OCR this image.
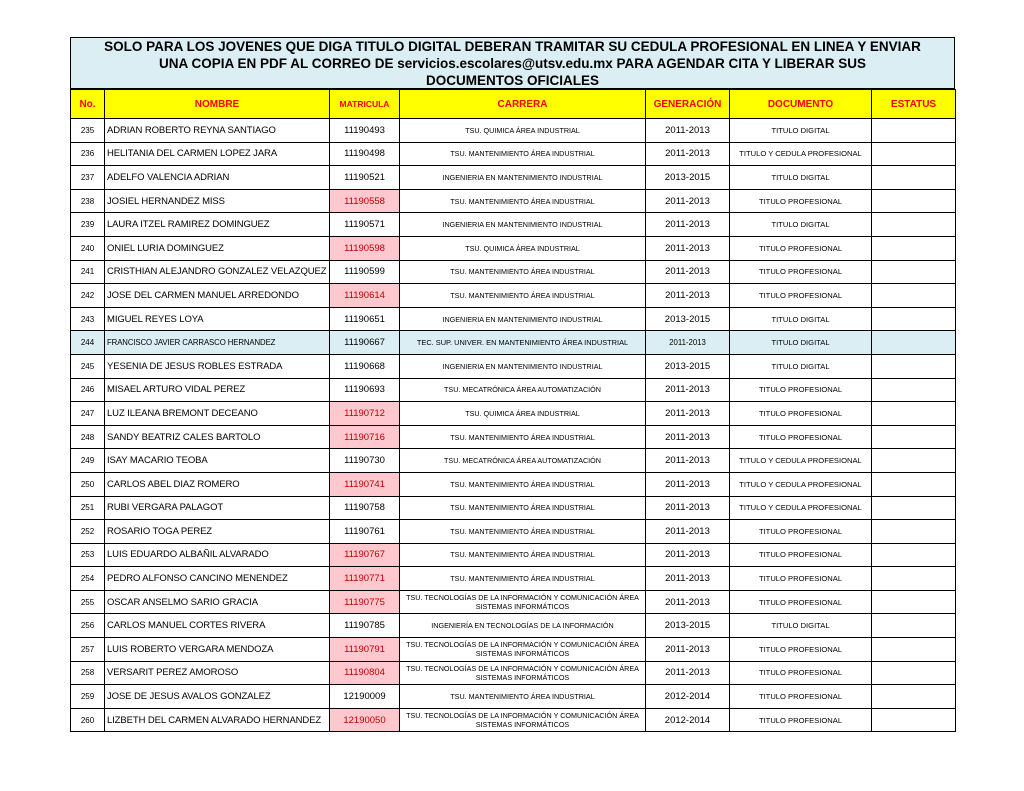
SOLO PARA LOS JOVENES QUE DIGA TITULO DIGITAL DEBERAN TRAMITAR SU CEDULA PROFESIONAL EN LINEA Y ENVIAR
UNA COPIA EN PDF AL CORREO DE servicios.escolares@utsv.edu.mx PARA AGENDAR CITA Y LIBERAR SUS
DOCUMENTOS OFICIALES
No.	NOMBRE	MATRICULA	CARRERA	GENERACIÓN	DOCUMENTO	ESTATUS
235	ADRIAN ROBERTO REYNA SANTIAGO	11190493	TSU. QUIMICA ÁREA INDUSTRIAL	2011-2013	TITULO DIGITAL	
236	HELITANIA DEL CARMEN LOPEZ JARA	11190498	TSU. MANTENIMIENTO ÁREA INDUSTRIAL	2011-2013	TITULO Y CEDULA PROFESIONAL	
237	ADELFO VALENCIA ADRIAN	11190521	INGENIERIA EN MANTENIMIENTO INDUSTRIAL	2013-2015	TITULO DIGITAL	
238	JOSIEL HERNANDEZ MISS	11190558	TSU. MANTENIMIENTO ÁREA INDUSTRIAL	2011-2013	TITULO PROFESIONAL	
239	LAURA ITZEL RAMIREZ DOMINGUEZ	11190571	INGENIERIA EN MANTENIMIENTO INDUSTRIAL	2011-2013	TITULO DIGITAL	
240	ONIEL LURIA DOMINGUEZ	11190598	TSU. QUIMICA ÁREA INDUSTRIAL	2011-2013	TITULO PROFESIONAL	
241	CRISTHIAN ALEJANDRO GONZALEZ VELAZQUEZ	11190599	TSU. MANTENIMIENTO ÁREA INDUSTRIAL	2011-2013	TITULO PROFESIONAL	
242	JOSE DEL CARMEN MANUEL ARREDONDO	11190614	TSU. MANTENIMIENTO ÁREA INDUSTRIAL	2011-2013	TITULO PROFESIONAL	
243	MIGUEL REYES LOYA	11190651	INGENIERIA EN MANTENIMIENTO INDUSTRIAL	2013-2015	TITULO DIGITAL	
244	FRANCISCO JAVIER CARRASCO HERNANDEZ	11190667	TEC. SUP. UNIVER. EN MANTENIMIENTO ÁREA INDUSTRIAL	2011-2013	TITULO DIGITAL	
245	YESENIA DE JESUS ROBLES ESTRADA	11190668	INGENIERIA EN MANTENIMIENTO INDUSTRIAL	2013-2015	TITULO DIGITAL	
246	MISAEL ARTURO VIDAL PEREZ	11190693	TSU. MECATRÓNICA ÁREA AUTOMATIZACIÓN	2011-2013	TITULO PROFESIONAL	
247	LUZ ILEANA BREMONT DECEANO	11190712	TSU. QUIMICA ÁREA INDUSTRIAL	2011-2013	TITULO PROFESIONAL	
248	SANDY BEATRIZ CALES BARTOLO	11190716	TSU. MANTENIMIENTO ÁREA INDUSTRIAL	2011-2013	TITULO PROFESIONAL	
249	ISAY MACARIO TEOBA	11190730	TSU. MECATRÓNICA ÁREA AUTOMATIZACIÓN	2011-2013	TITULO Y CEDULA PROFESIONAL	
250	CARLOS ABEL DIAZ ROMERO	11190741	TSU. MANTENIMIENTO ÁREA INDUSTRIAL	2011-2013	TITULO Y CEDULA PROFESIONAL	
251	RUBI VERGARA PALAGOT	11190758	TSU. MANTENIMIENTO ÁREA INDUSTRIAL	2011-2013	TITULO Y CEDULA PROFESIONAL	
252	ROSARIO TOGA PEREZ	11190761	TSU. MANTENIMIENTO ÁREA INDUSTRIAL	2011-2013	TITULO PROFESIONAL	
253	LUIS EDUARDO ALBAÑIL ALVARADO	11190767	TSU. MANTENIMIENTO ÁREA INDUSTRIAL	2011-2013	TITULO PROFESIONAL	
254	PEDRO ALFONSO CANCINO MENENDEZ	11190771	TSU. MANTENIMIENTO ÁREA INDUSTRIAL	2011-2013	TITULO PROFESIONAL	
255	OSCAR ANSELMO SARIO GRACIA	11190775	TSU. TECNOLOGÍAS DE LA INFORMACIÓN Y COMUNICACIÓN ÁREA SISTEMAS INFORMÁTICOS	2011-2013	TITULO PROFESIONAL	
256	CARLOS MANUEL CORTES RIVERA	11190785	INGENIERÍA EN TECNOLOGÍAS DE LA INFORMACIÓN	2013-2015	TITULO DIGITAL	
257	LUIS ROBERTO VERGARA MENDOZA	11190791	TSU. TECNOLOGÍAS DE LA INFORMACIÓN Y COMUNICACIÓN ÁREA SISTEMAS INFORMÁTICOS	2011-2013	TITULO PROFESIONAL	
258	VERSARIT PEREZ AMOROSO	11190804	TSU. TECNOLOGÍAS DE LA INFORMACIÓN Y COMUNICACIÓN ÁREA SISTEMAS INFORMÁTICOS	2011-2013	TITULO PROFESIONAL	
259	JOSE DE JESUS AVALOS GONZALEZ	12190009	TSU. MANTENIMIENTO ÁREA INDUSTRIAL	2012-2014	TITULO PROFESIONAL	
260	LIZBETH DEL CARMEN ALVARADO HERNANDEZ	12190050	TSU. TECNOLOGÍAS DE LA INFORMACIÓN Y COMUNICACIÓN ÁREA SISTEMAS INFORMÁTICOS	2012-2014	TITULO PROFESIONAL	
